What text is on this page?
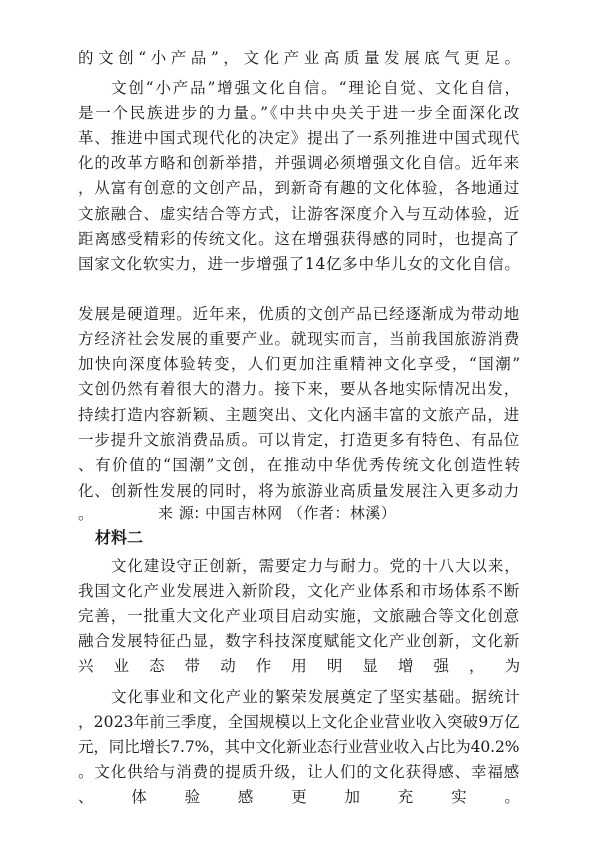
的文创“小产品”，文化产业高质量发展底气更足。
文创“小产品”增强文化自信。“理论自觉、文化自信，
是一个民族进步的力量。”《中共中央关于进一步全面深化改
革、推进中国式现代化的决定》提出了一系列推进中国式现代
化的改革方略和创新举措，并强调必须增强文化自信。近年来
，从富有创意的文创产品，到新奇有趣的文化体验，各地通过
文旅融合、虚实结合等方式，让游客深度介入与互动体验，近
距离感受精彩的传统文化。这在增强获得感的同时，也提高了
国家文化软实力，进一步增强了14亿多中华儿女的文化自信。
发展是硬道理。近年来，优质的文创产品已经逐渐成为带动地
方经济社会发展的重要产业。就现实而言，当前我国旅游消费
加快向深度体验转变，人们更加注重精神文化享受，“国潮”
文创仍然有着很大的潜力。接下来，要从各地实际情况出发，
持续打造内容新颖、主题突出、文化内涵丰富的文旅产品，进
一步提升文旅消费品质。可以肯定，打造更多有特色、有品位
、有价值的“国潮”文创，在推动中华优秀传统文化创造性转
化、创新性发展的同时，将为旅游业高质量发展注入更多动力
。	来 源: 中国吉林网 （作者：林溪）
材料二
文化建设守正创新，需要定力与耐力。党的十八大以来，
我国文化产业发展进入新阶段，文化产业体系和市场体系不断
完善，一批重大文化产业项目启动实施，文旅融合等文化创意
融合发展特征凸显，数字科技深度赋能文化产业创新，文化新
兴业态带动作用明显增强，为
文化事业和文化产业的繁荣发展奠定了坚实基础。据统计
，2023年前三季度，全国规模以上文化企业营业收入突破9万亿
元，同比增长7.7%，其中文化新业态行业营业收入占比为40.2%
。文化供给与消费的提质升级，让人们的文化获得感、幸福感
、体验感更加充实。
